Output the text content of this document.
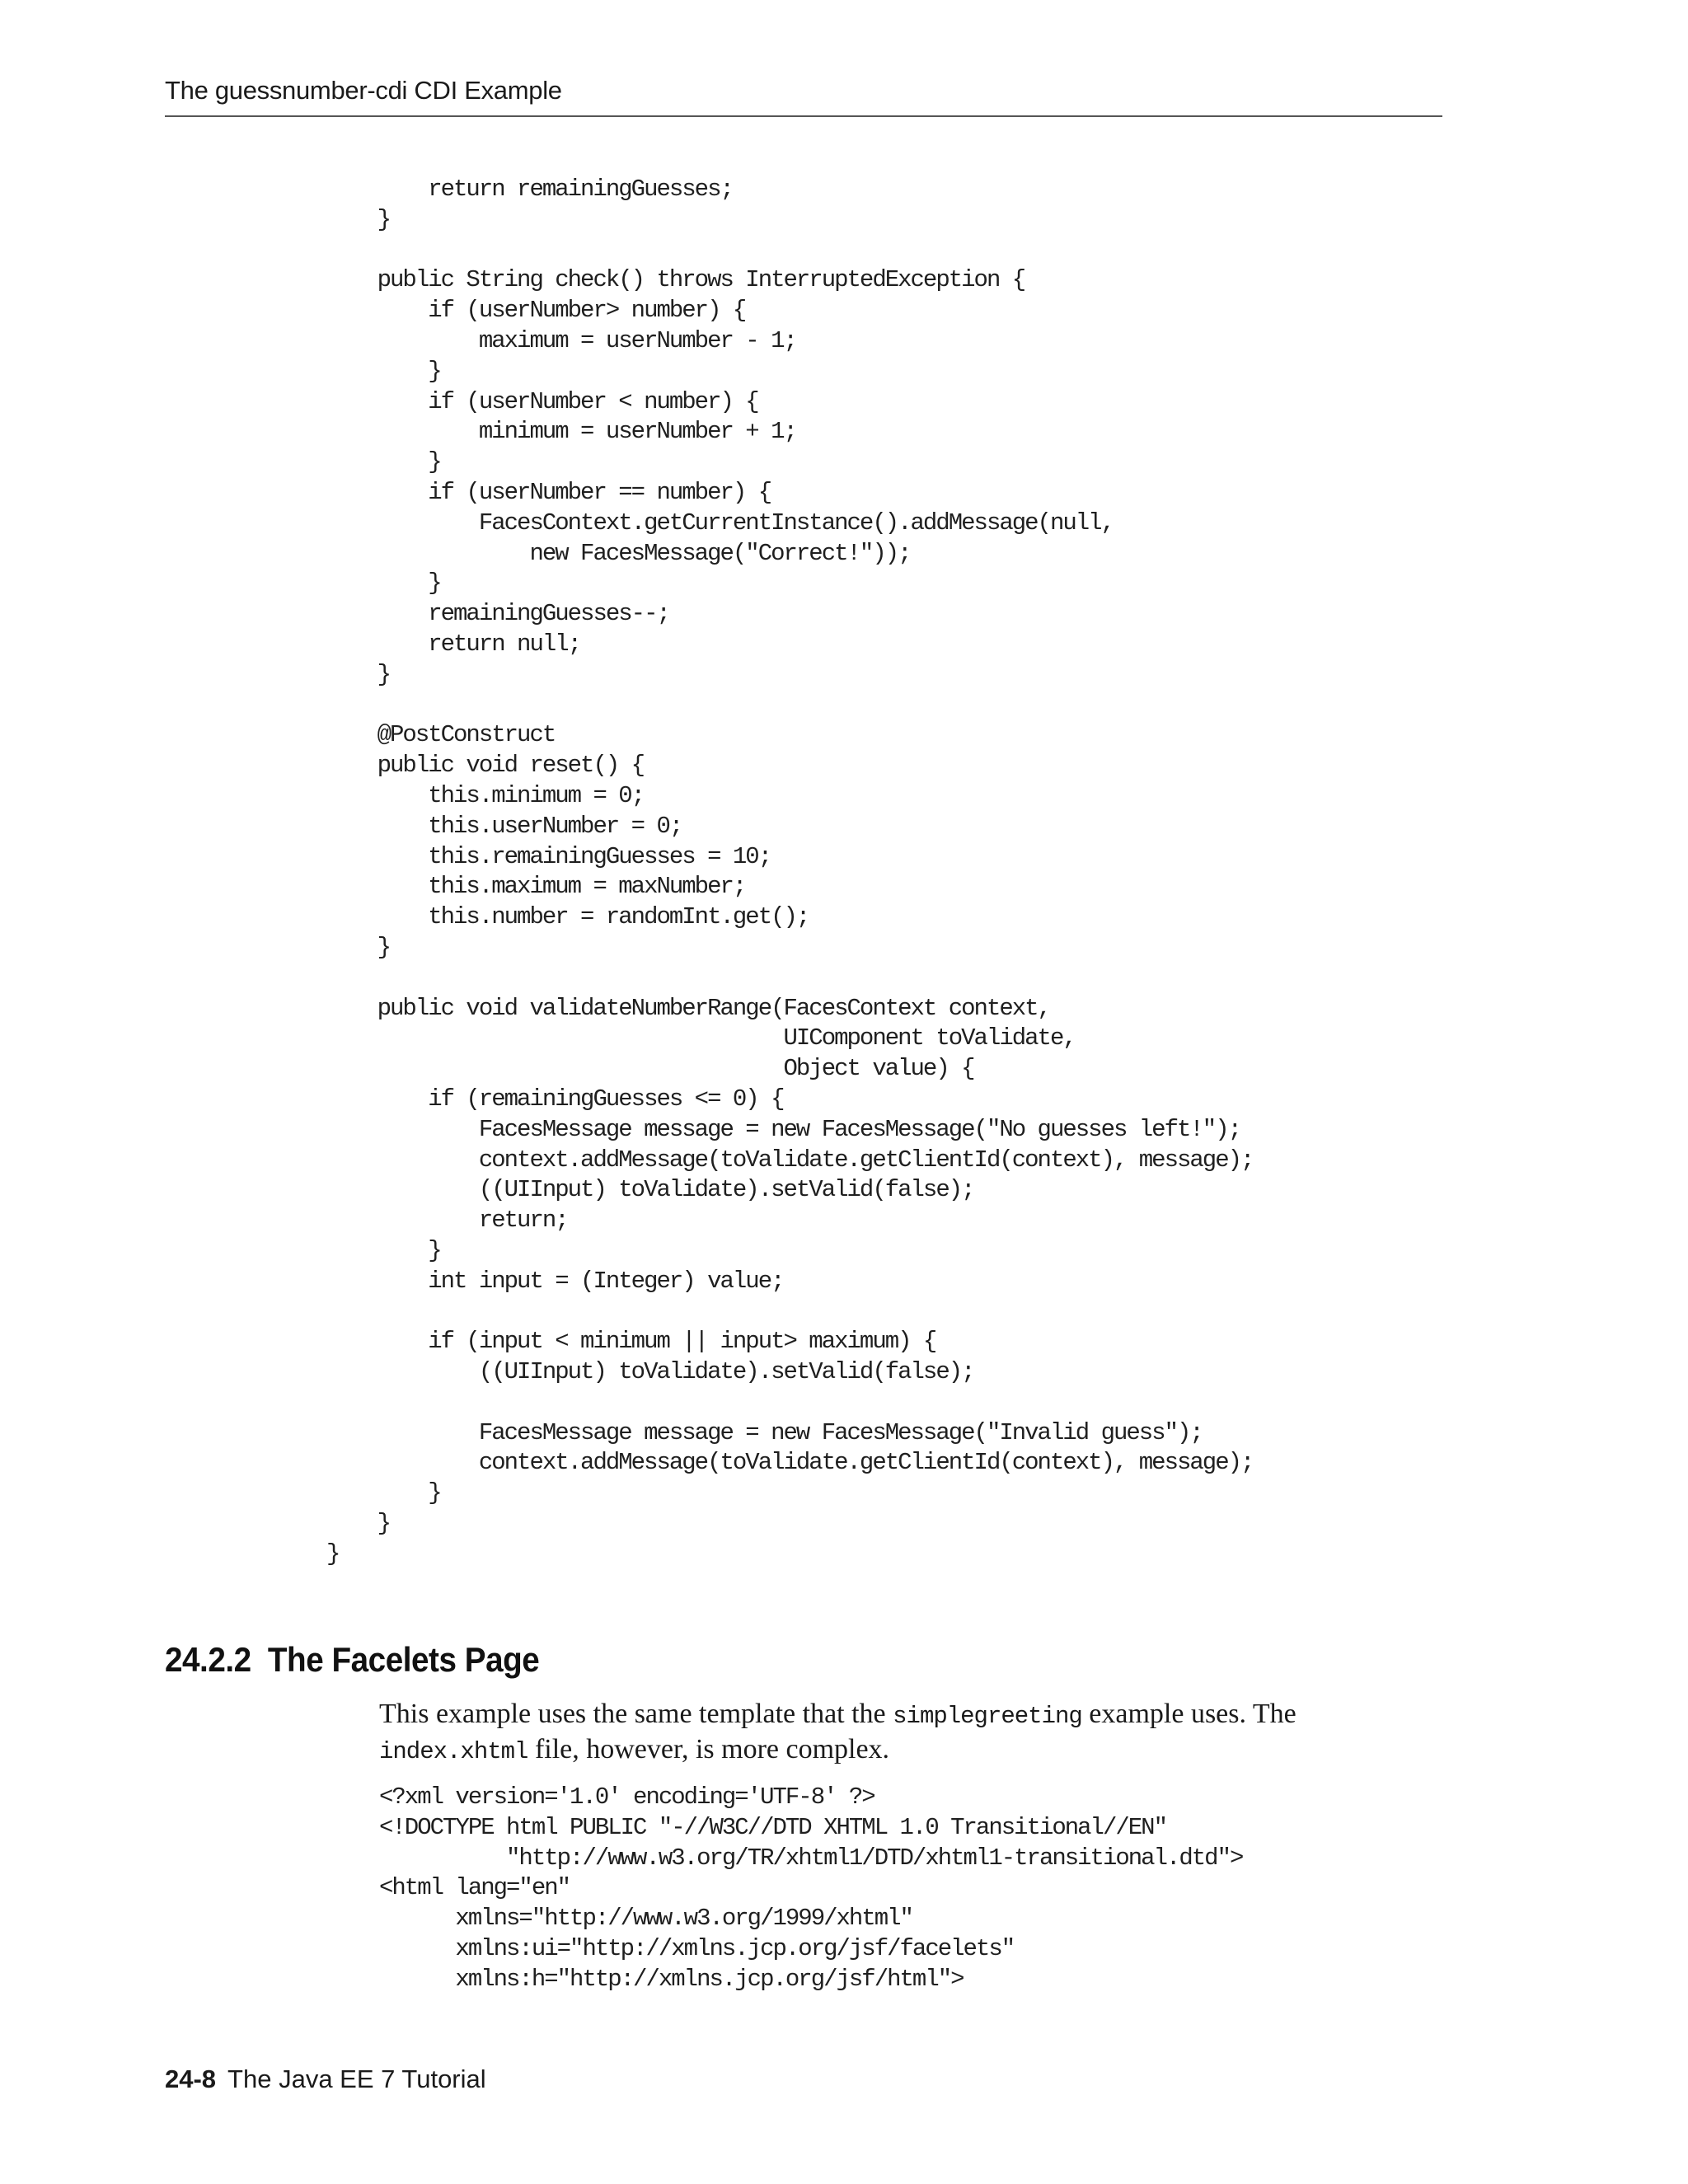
The guessnumber-cdi CDI Example
return remainingGuesses;
}

public String check() throws InterruptedException {
if (userNumber> number) {
maximum = userNumber - 1;
}
if (userNumber < number) {
minimum = userNumber + 1;
}
if (userNumber == number) {
FacesContext.getCurrentInstance().addMessage(null,
new FacesMessage("Correct!"));
}
remainingGuesses--;
return null;
}

@PostConstruct
public void reset() {
this.minimum = 0;
this.userNumber = 0;
this.remainingGuesses = 10;
this.maximum = maxNumber;
this.number = randomInt.get();
}

public void validateNumberRange(FacesContext context,
UIComponent toValidate,
Object value) {
if (remainingGuesses <= 0) {
FacesMessage message = new FacesMessage("No guesses left!");
context.addMessage(toValidate.getClientId(context), message);
((UIInput) toValidate).setValid(false);
return;
}
int input = (Integer) value;

if (input < minimum || input> maximum) {
((UIInput) toValidate).setValid(false);

FacesMessage message = new FacesMessage("Invalid guess");
context.addMessage(toValidate.getClientId(context), message);
}
}
}
24.2.2 The Facelets Page

This example uses the same template that the simplegreeting example uses. The index.xhtml file, however, is more complex.

<?xml version='1.0' encoding='UTF-8' ?>
<!DOCTYPE html PUBLIC "-//W3C//DTD XHTML 1.0 Transitional//EN"
"http://www.w3.org/TR/xhtml1/DTD/xhtml1-transitional.dtd">
<html lang="en"
xmlns="http://www.w3.org/1999/xhtml"
xmlns:ui="http://xmlns.jcp.org/jsf/facelets"
xmlns:h="http://xmlns.jcp.org/jsf/html">
24-8 The Java EE 7 Tutorial
